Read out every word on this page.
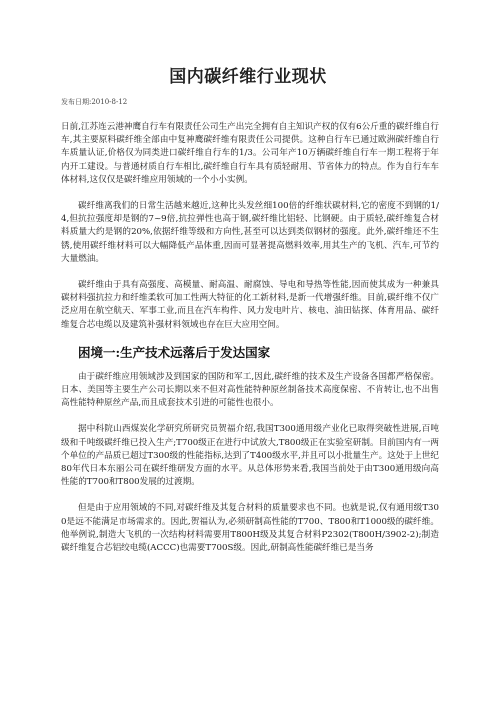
国内碳纤维行业现状
发布日期:2010-8-12

日前,江苏连云港神鹰自行车有限责任公司生产出完全拥有自主知识产权的仅有6公斤重的碳纤维自行车,其主要原料碳纤维全部由中复神鹰碳纤维有限责任公司提供。这种自行车已通过欧洲碳纤维自行车质量认证,价格仅为同类进口碳纤维自行车的1/3。公司年产10万辆碳纤维自行车一期工程将于年内开工建设。与普通材质自行车相比,碳纤维自行车具有质轻耐用、节省体力的特点。作为自行车车体材料,这仅仅是碳纤维应用领域的一个小小实例。

碳纤维离我们的日常生活越来越近,这种比头发丝细100倍的纤维状碳材料,它的密度不到钢的1/4,但抗拉强度却是钢的7~9倍,抗拉弹性也高于钢,碳纤维比铝轻、比钢硬。由于质轻,碳纤维复合材料质量大约是钢的20%,依据纤维等级和方向性,甚至可以达到类似钢材的强度。此外,碳纤维还不生锈,使用碳纤维材料可以大幅降低产品体重,因而可显著提高燃料效率,用其生产的飞机、汽车,可节约大量燃油。

碳纤维由于具有高强度、高模量、耐高温、耐腐蚀、导电和导热等性能,因而使其成为一种兼具碳材料强抗拉力和纤维柔软可加工性两大特征的化工新材料,是新一代增强纤维。目前,碳纤维不仅广泛应用在航空航天、军事工业,而且在汽车构件、风力发电叶片、核电、油田钻探、体育用品、碳纤维复合芯电缆以及建筑补强材料领域也存在巨大应用空间。

困境一:生产技术远落后于发达国家

由于碳纤维应用领域涉及到国家的国防和军工,因此,碳纤维的技术及生产设备各国都严格保密。日本、美国等主要生产公司长期以来不但对高性能特种原丝制备技术高度保密、不肯转让,也不出售高性能特种原丝产品,而且成套技术引进的可能性也很小。

据中科院山西煤炭化学研究所研究员贺福介绍,我国T300通用级产业化已取得突破性进展,百吨级和千吨级碳纤维已投入生产;T700级正在进行中试放大,T800级正在实验室研制。目前国内有一两个单位的产品质已超过T300级的性能指标,达到了T400级水平,并且可以小批量生产。这处于上世纪80年代日本东丽公司在碳纤维研发方面的水平。从总体形势来看,我国当前处于由T300通用级向高性能的T700和T800发展的过渡期。

但是由于应用领域的不同,对碳纤维及其复合材料的质量要求也不同。也就是说,仅有通用级T300是远不能满足市场需求的。因此,贺福认为,必须研制高性能的T700、T800和T1000级的碳纤维。他举例说,制造大飞机的一次结构材料需要用T800H级及其复合材料P2302(T800H/3902-2);制造碳纤维复合芯铝绞电缆(ACCC)也需要T700S级。因此,研制高性能碳纤维已是当务
